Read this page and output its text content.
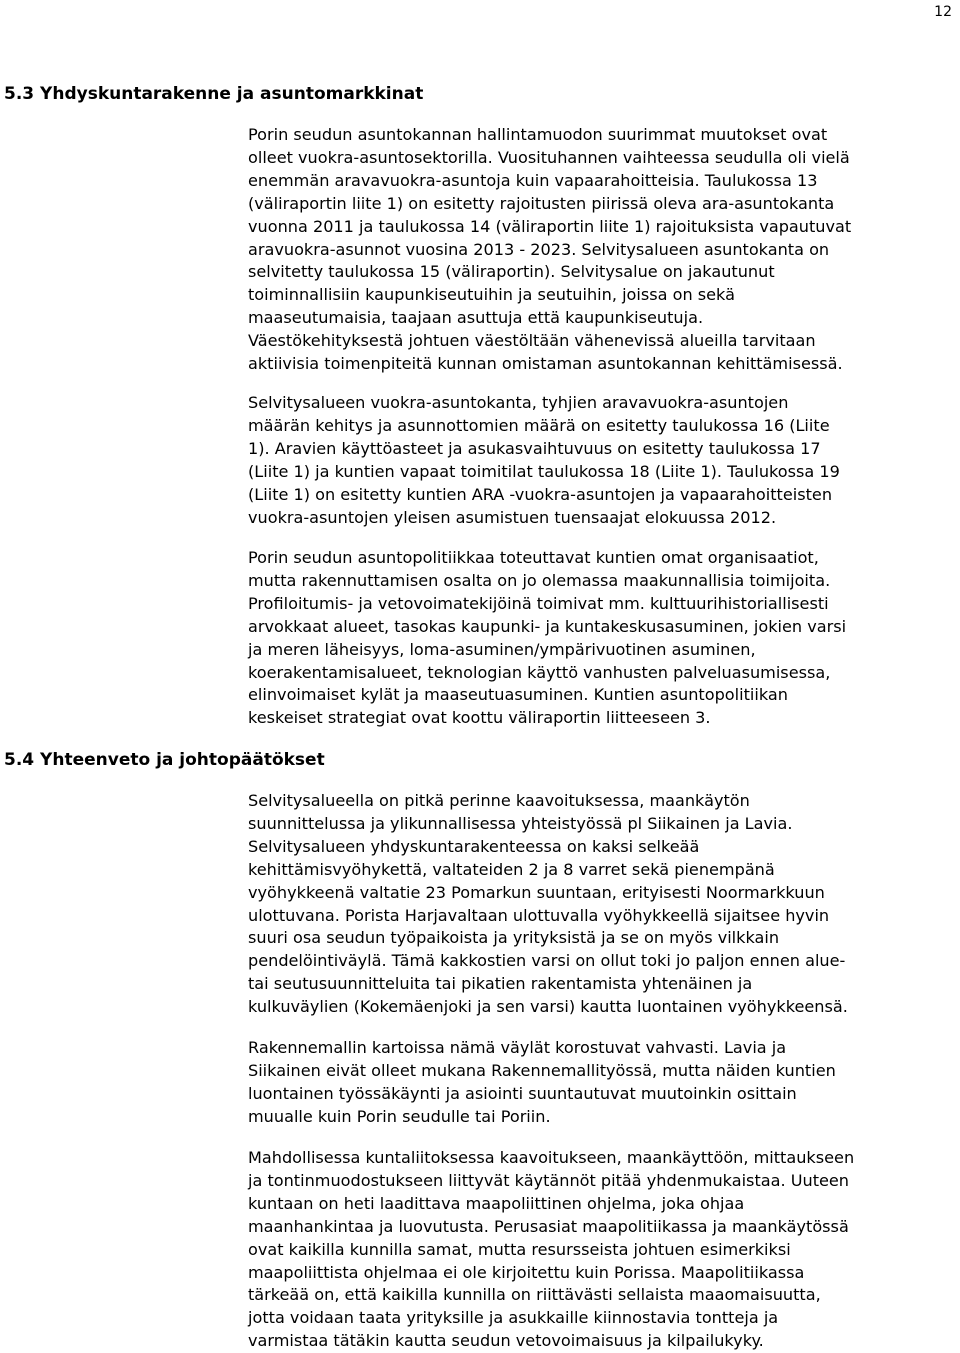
12
5.3 Yhdyskuntarakenne ja asuntomarkkinat
5.4 Yhteenveto ja johtopäätökset

Porin seudun asuntokannan hallintamuodon suurimmat muutokset ovat
olleet vuokra-asuntosektorilla. Vuosituhannen vaihteessa seudulla oli vielä
enemmän aravavuokra-asuntoja kuin vapaarahoitteisia. Taulukossa 13
(väliraportin liite 1) on esitetty rajoitusten piirissä oleva ara-asuntokanta
vuonna 2011 ja taulukossa 14 (väliraportin liite 1) rajoituksista vapautuvat
aravuokra-asunnot vuosina 2013 - 2023. Selvitysalueen asuntokanta on
selvitetty taulukossa 15 (väliraportin). Selvitysalue on jakautunut
toiminnallisiin kaupunkiseutuihin ja seutuihin, joissa on sekä
maaseutumaisia, taajaan asuttuja että kaupunkiseutuja.
Väestökehityksestä johtuen väestöltään vähenevissä alueilla tarvitaan
aktiivisia toimenpiteitä kunnan omistaman asuntokannan kehittämisessä.

Selvitysalueen vuokra-asuntokanta, tyhjien aravavuokra-asuntojen
määrän kehitys ja asunnottomien määrä on esitetty taulukossa 16 (Liite
1). Aravien käyttöasteet ja asukasvaihtuvuus on esitetty taulukossa 17
(Liite 1) ja kuntien vapaat toimitilat taulukossa 18 (Liite 1). Taulukossa 19
(Liite 1) on esitetty kuntien ARA -vuokra-asuntojen ja vapaarahoitteisten
vuokra-asuntojen yleisen asumistuen tuensaajat elokuussa 2012.

Porin seudun asuntopolitiikkaa toteuttavat kuntien omat organisaatiot,
mutta rakennuttamisen osalta on jo olemassa maakunnallisia toimijoita.
Profiloitumis- ja vetovoimatekijöinä toimivat mm. kulttuurihistoriallisesti
arvokkaat alueet, tasokas kaupunki- ja kuntakeskusasuminen, jokien varsi
ja meren läheisyys, loma-asuminen/ympärivuotinen asuminen,
koerakentamisalueet, teknologian käyttö vanhusten palveluasumisessa,
elinvoimaiset kylät ja maaseutuasuminen. Kuntien asuntopolitiikan
keskeiset strategiat ovat koottu väliraportin liitteeseen 3.

Selvitysalueella on pitkä perinne kaavoituksessa, maankäytön
suunnittelussa ja ylikunnallisessa yhteistyössä pl Siikainen ja Lavia.
Selvitysalueen yhdyskuntarakenteessa on kaksi selkeää
kehittämisvyöhykettä, valtateiden 2 ja 8 varret sekä pienempänä
vyöhykkeenä valtatie 23 Pomarkun suuntaan, erityisesti Noormarkkuun
ulottuvana. Porista Harjavaltaan ulottuvalla vyöhykkeellä sijaitsee hyvin
suuri osa seudun työpaikoista ja yrityksistä ja se on myös vilkkain
pendelöintiväylä. Tämä kakkostien varsi on ollut toki jo paljon ennen alue-
tai seutusuunnitteluita tai pikatien rakentamista yhtenäinen ja
kulkuväylien (Kokemäenjoki ja sen varsi) kautta luontainen vyöhykkeensä.

Rakennemallin kartoissa nämä väylät korostuvat vahvasti. Lavia ja
Siikainen eivät olleet mukana Rakennemallityössä, mutta näiden kuntien
luontainen työssäkäynti ja asiointi suuntautuvat muutoinkin osittain
muualle kuin Porin seudulle tai Poriin.

Mahdollisessa kuntaliitoksessa kaavoitukseen, maankäyttöön, mittaukseen
ja tontinmuodostukseen liittyvät käytännöt pitää yhdenmukaistaa. Uuteen
kuntaan on heti laadittava maapoliittinen ohjelma, joka ohjaa
maanhankintaa ja luovutusta. Perusasiat maapolitiikassa ja maankäytössä
ovat kaikilla kunnilla samat, mutta resursseista johtuen esimerkiksi
maapoliittista ohjelmaa ei ole kirjoitettu kuin Porissa. Maapolitiikassa
tärkeää on, että kaikilla kunnilla on riittävästi sellaista maaomaisuutta,
jotta voidaan taata yrityksille ja asukkaille kiinnostavia tontteja ja
varmistaa tätäkin kautta seudun vetovoimaisuus ja kilpailukyky.
